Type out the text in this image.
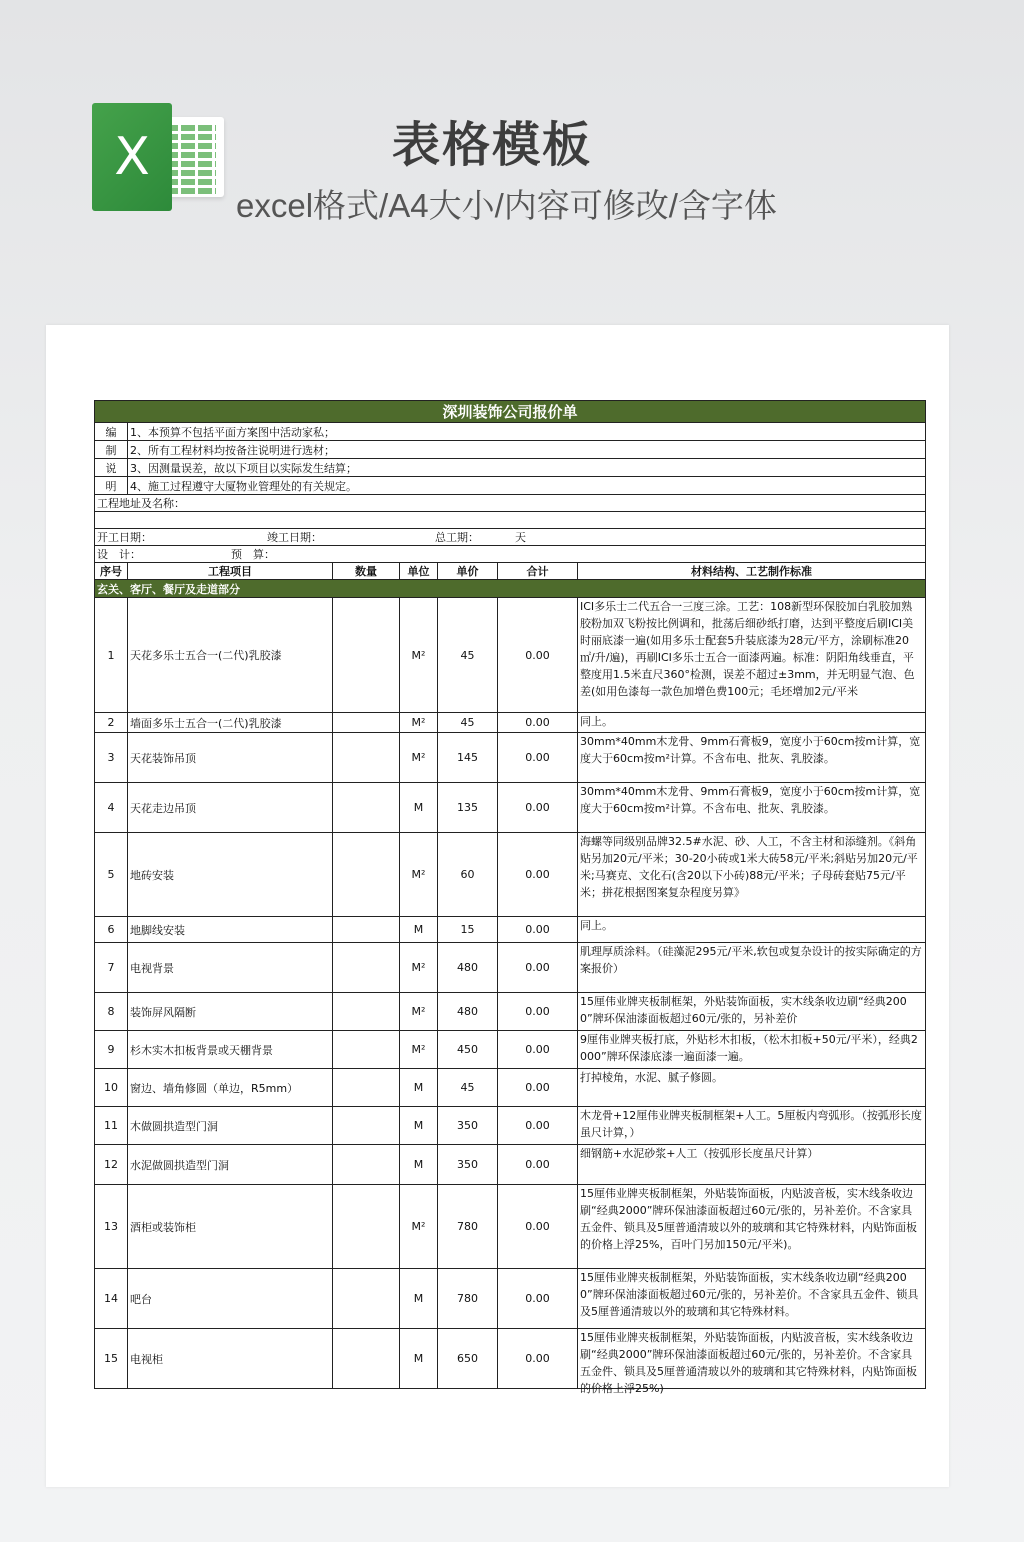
X	表格模板

excel格式/A4大小/内容可修改/含字体

深圳装饰公司报价单						
编	1、本预算不包括平面方案图中活动家私；					
制	2、所有工程材料均按备注说明进行选材；					
说	3、因测量误差，故以下项目以实际发生结算；					
明	4、施工过程遵守大厦物业管理处的有关规定。					
工程地址及名称：						

开工日期： 竣工日期： 总工期： 天						
设　计： 预　算：						
序号	工程项目	数量	单位	单价	合计	材料结构、工艺制作标准
玄关、客厅、餐厅及走道部分						
1	天花多乐士五合一(二代)乳胶漆		M²	45	0.00	ICI多乐士二代五合一三度三涂。工艺：108新型环保胶加白乳胶加熟胶粉加双飞粉按比例调和，批荡后细砂纸打磨，达到平整度后刷ICI美时丽底漆一遍(如用多乐士配套5升装底漆为28元/平方，涂刷标准20㎡/升/遍)，再刷ICI多乐士五合一面漆两遍。标准：阴阳角线垂直，平整度用1.5米直尺360°检测，误差不超过±3mm，并无明显气泡、色差(如用色漆每一款色加增色费100元；毛坯增加2元/平米

2	墙面多乐士五合一(二代)乳胶漆		M²	45	0.00	同上。

3	天花装饰吊顶		M²	145	0.00	30mm*40mm木龙骨、9mm石膏板9，宽度小于60cm按m计算，宽度大于60cm按m²计算。不含布电、批灰、乳胶漆。

4	天花走边吊顶		M	135	0.00	30mm*40mm木龙骨、9mm石膏板9，宽度小于60cm按m计算，宽度大于60cm按m²计算。不含布电、批灰、乳胶漆。

5	地砖安装		M²	60	0.00	海螺等同级别品牌32.5#水泥、砂、人工，不含主材和添缝剂。《斜角贴另加20元/平米；30-20小砖或1米大砖58元/平米;斜贴另加20元/平米;马赛克、文化石(含20以下小砖)88元/平米；子母砖套贴75元/平米；拼花根据图案复杂程度另算》

6	地脚线安装		M	15	0.00	同上。

7	电视背景		M²	480	0.00	肌理厚质涂料。（硅藻泥295元/平米,软包或复杂设计的按实际确定的方案报价）

8	装饰屏风隔断		M²	480	0.00	15厘伟业牌夹板制框架，外贴装饰面板，实木线条收边刷“经典2000”牌环保油漆面板超过60元/张的，另补差价

9	杉木实木扣板背景或天棚背景		M²	450	0.00	9厘伟业牌夹板打底，外贴杉木扣板，（松木扣板+50元/平米），经典2000”牌环保漆底漆一遍面漆一遍。

10	窗边、墙角修圆（单边，R5mm）		M	45	0.00	打掉棱角，水泥、腻子修圆。

11	木做圆拱造型门洞		M	350	0.00	木龙骨+12厘伟业牌夹板制框架+人工。5厘板内弯弧形。（按弧形长度虽尺计算，）

12	水泥做圆拱造型门洞		M	350	0.00	细钢筋+水泥砂浆+人工（按弧形长度虽尺计算）

13	酒柜或装饰柜		M²	780	0.00	15厘伟业牌夹板制框架，外贴装饰面板，内贴波音板，实木线条收边刷“经典2000”牌环保油漆面板超过60元/张的，另补差价。不含家具五金件、锁具及5厘普通清玻以外的玻璃和其它特殊材料，内贴饰面板的价格上浮25%，百叶门另加150元/平米)。

14	吧台		M	780	0.00	15厘伟业牌夹板制框架，外贴装饰面板，实木线条收边刷“经典2000”牌环保油漆面板超过60元/张的，另补差价。不含家具五金件、锁具及5厘普通清玻以外的玻璃和其它特殊材料。

15	电视柜		M	650	0.00	15厘伟业牌夹板制框架，外贴装饰面板，内贴波音板，实木线条收边刷“经典2000”牌环保油漆面板超过60元/张的，另补差价。不含家具五金件、锁具及5厘普通清玻以外的玻璃和其它特殊材料，内贴饰面板的价格上浮25%)
